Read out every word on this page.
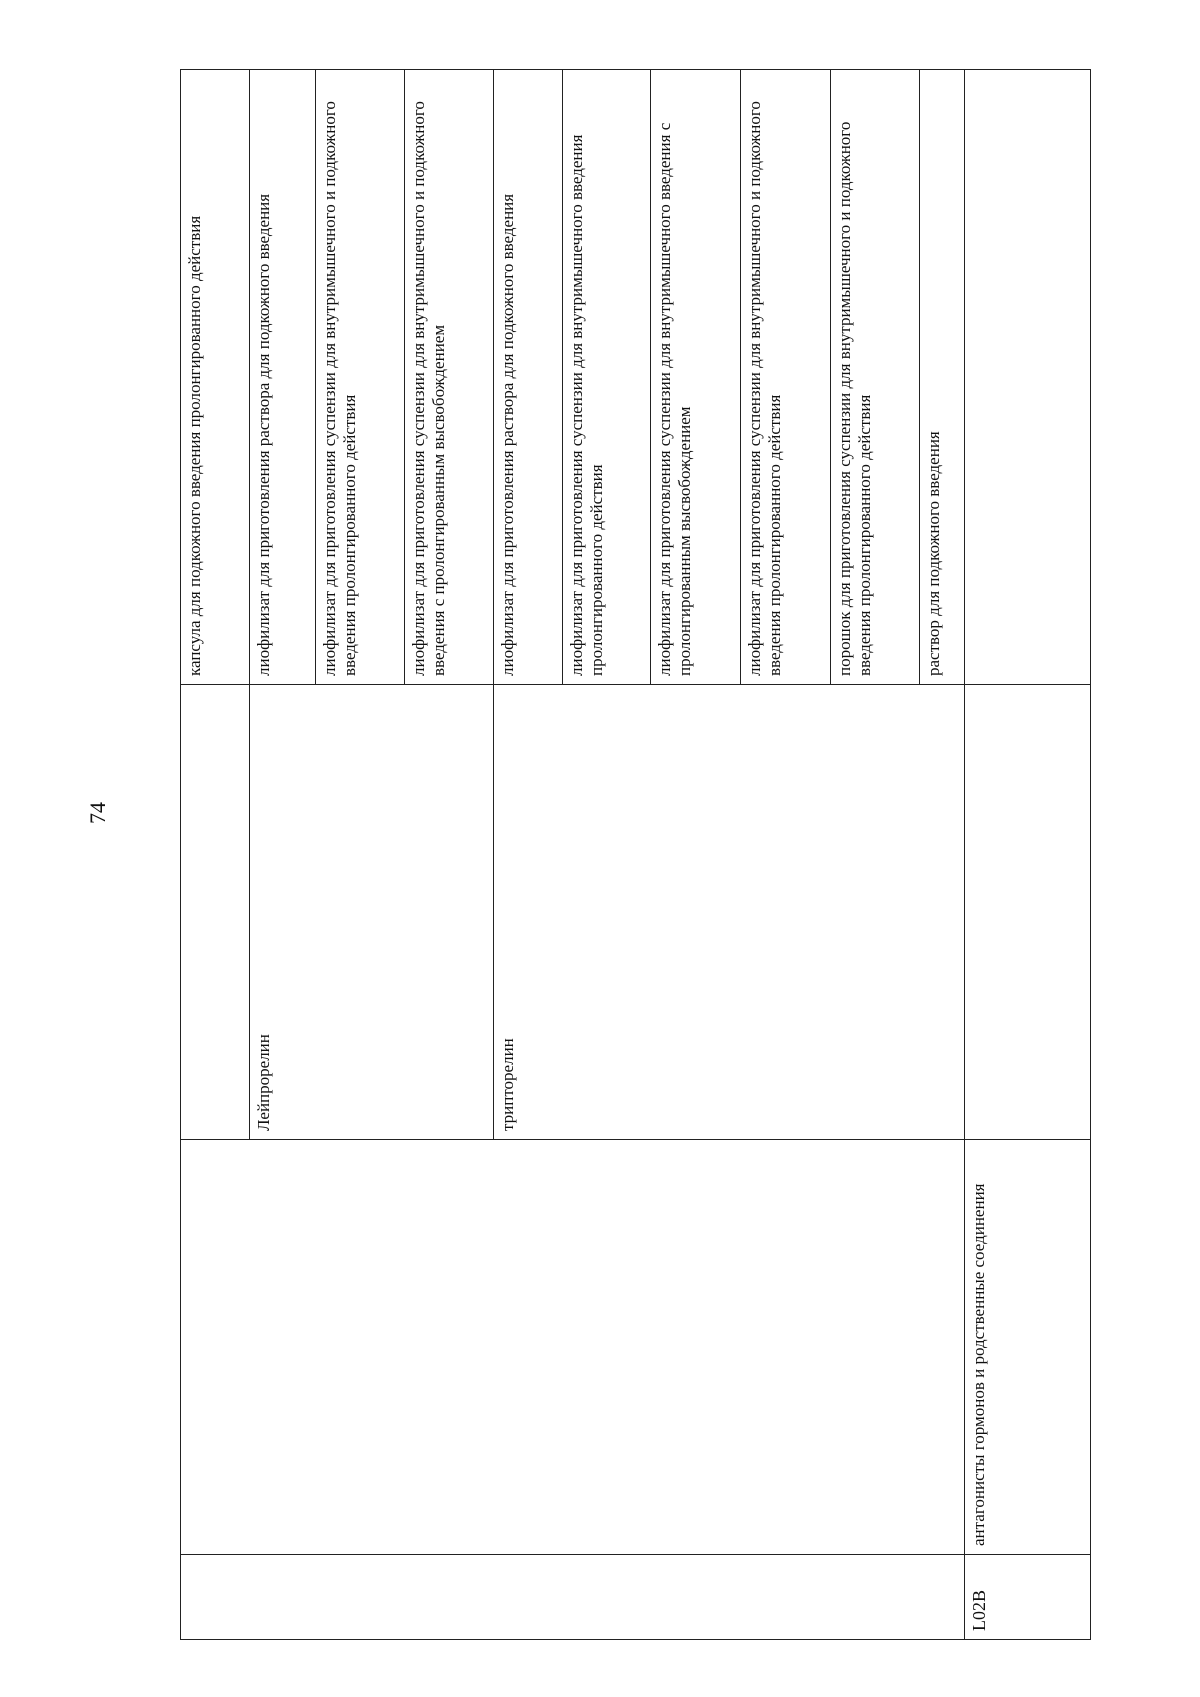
74
			капсула для подкожного введения пролонгированного действия
		Лейпрорелин	лиофилизат для приготовления раствора для подкожного введения
			лиофилизат для приготовления суспензии для внутримышечного и подкожного введения пролонгированного действия
			лиофилизат для приготовления суспензии для внутримышечного и подкожного введения с пролонгированным высвобождением
		трипторелин	лиофилизат для приготовления раствора для подкожного введения
			лиофилизат для приготовления суспензии для внутримышечного введения пролонгированного действия
			лиофилизат для приготовления суспензии для внутримышечного введения с пролонгированным высвобождением
			лиофилизат для приготовления суспензии для внутримышечного и подкожного введения пролонгированного действия
			порошок для приготовления суспензии для внутримышечного и подкожного введения пролонгированного действия
			раствор для подкожного введения
L02B	антагонисты гормонов и родственные соединения		
